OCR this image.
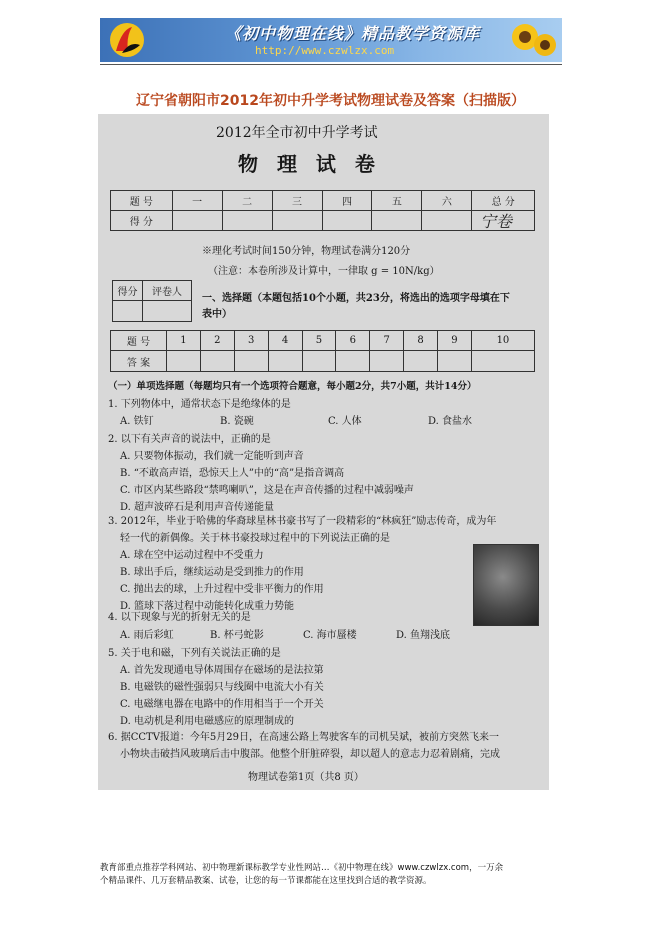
《初中物理在线》精品教学资源库
http://www.czwlzx.com
辽宁省朝阳市2012年初中升学考试物理试卷及答案（扫描版）
2012年全市初中升学考试
物 理 试 卷
题 号	一	二	三	四	五	六	总 分
得 分								宁卷
※理化考试时间150分钟，物理试卷满分120分
（注意：本卷所涉及计算中，一律取 g = 10N/kg）
得分	评卷人

一、选择题（本题包括10个小题，共23分，将选出的选项字母填在下
表中）
题 号	1	2	3	4	5	6	7	8	9	10
答 案										
（一）单项选择题（每题均只有一个选项符合题意，每小题2分，共7小题，共计14分）
1. 下列物体中，通常状态下是绝缘体的是
A. 铁钉	B. 瓷碗	C. 人体	D. 食盐水
2. 以下有关声音的说法中，正确的是
A. 只要物体振动，我们就一定能听到声音
B. “不敢高声语，恐惊天上人”中的“高”是指音调高
C. 市区内某些路段“禁鸣喇叭”，这是在声音传播的过程中减弱噪声
D. 超声波碎石是利用声音传递能量
3. 2012年，毕业于哈佛的华裔球星林书豪书写了一段精彩的“林疯狂”励志传奇，成为年
轻一代的新偶像。关于林书豪投球过程中的下列说法正确的是
A. 球在空中运动过程中不受重力
B. 球出手后，继续运动是受到推力的作用
C. 抛出去的球，上升过程中受非平衡力的作用
D. 篮球下落过程中动能转化成重力势能
4. 以下现象与光的折射无关的是
A. 雨后彩虹	B. 杯弓蛇影	C. 海市蜃楼	D. 鱼翔浅底
5. 关于电和磁，下列有关说法正确的是
A. 首先发现通电导体周围存在磁场的是法拉第
B. 电磁铁的磁性强弱只与线圈中电流大小有关
C. 电磁继电器在电路中的作用相当于一个开关
D. 电动机是利用电磁感应的原理制成的
6. 据CCTV报道：今年5月29日，在高速公路上驾驶客车的司机吴斌，被前方突然飞来一
小物块击破挡风玻璃后击中腹部。他整个肝脏碎裂，却以超人的意志力忍着剧痛，完成
物理试卷第1页（共8 页）
教育部重点推荐学科网站、初中物理新课标教学专业性网站…《初中物理在线》www.czwlzx.com，一万余
个精品课件、几万套精品教案、试卷，让您的每一节课都能在这里找到合适的教学资源。
